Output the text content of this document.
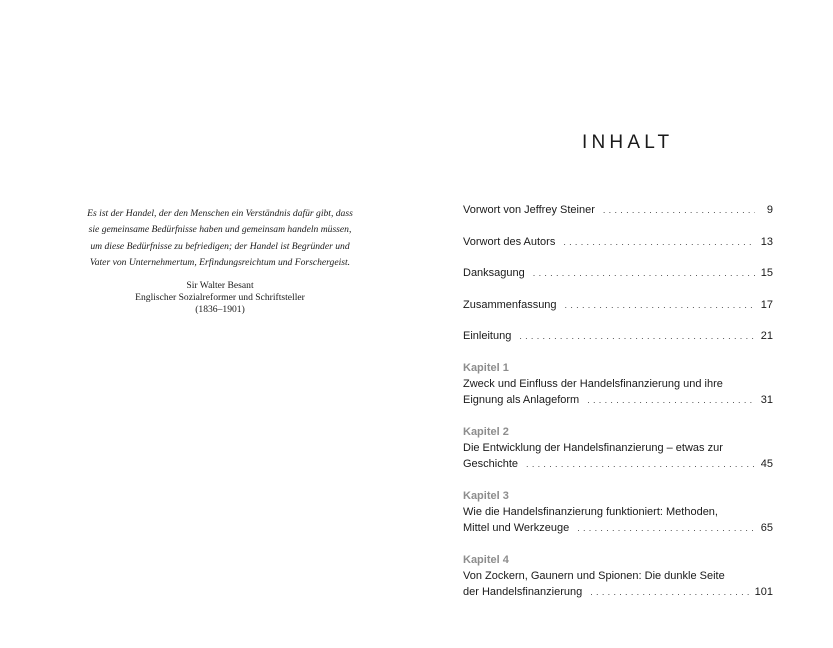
Es ist der Handel, der den Menschen ein Verständnis dafür gibt, dass
sie gemeinsame Bedürfnisse haben und gemeinsam handeln müssen,
um diese Bedürfnisse zu befriedigen; der Handel ist Begründer und
Vater von Unternehmertum, Erfindungsreichtum und Forschergeist.

Sir Walter Besant
Englischer Sozialreformer und Schriftsteller
(1836–1901)
INHALT
Vorwort von Jeffrey Steiner . . .	9
Vorwort des Autors . . .	13
Danksagung . . .	15
Zusammenfassung . . .	17
Einleitung . . .	21
Kapitel 1
Zweck und Einfluss der Handelsfinanzierung und ihre
Eignung als Anlageform . . .	31
Kapitel 2
Die Entwicklung der Handelsfinanzierung – etwas zur
Geschichte . . .	45
Kapitel 3
Wie die Handelsfinanzierung funktioniert: Methoden,
Mittel und Werkzeuge . . .	65
Kapitel 4
Von Zockern, Gaunern und Spionen: Die dunkle Seite
der Handelsfinanzierung . . .	101
